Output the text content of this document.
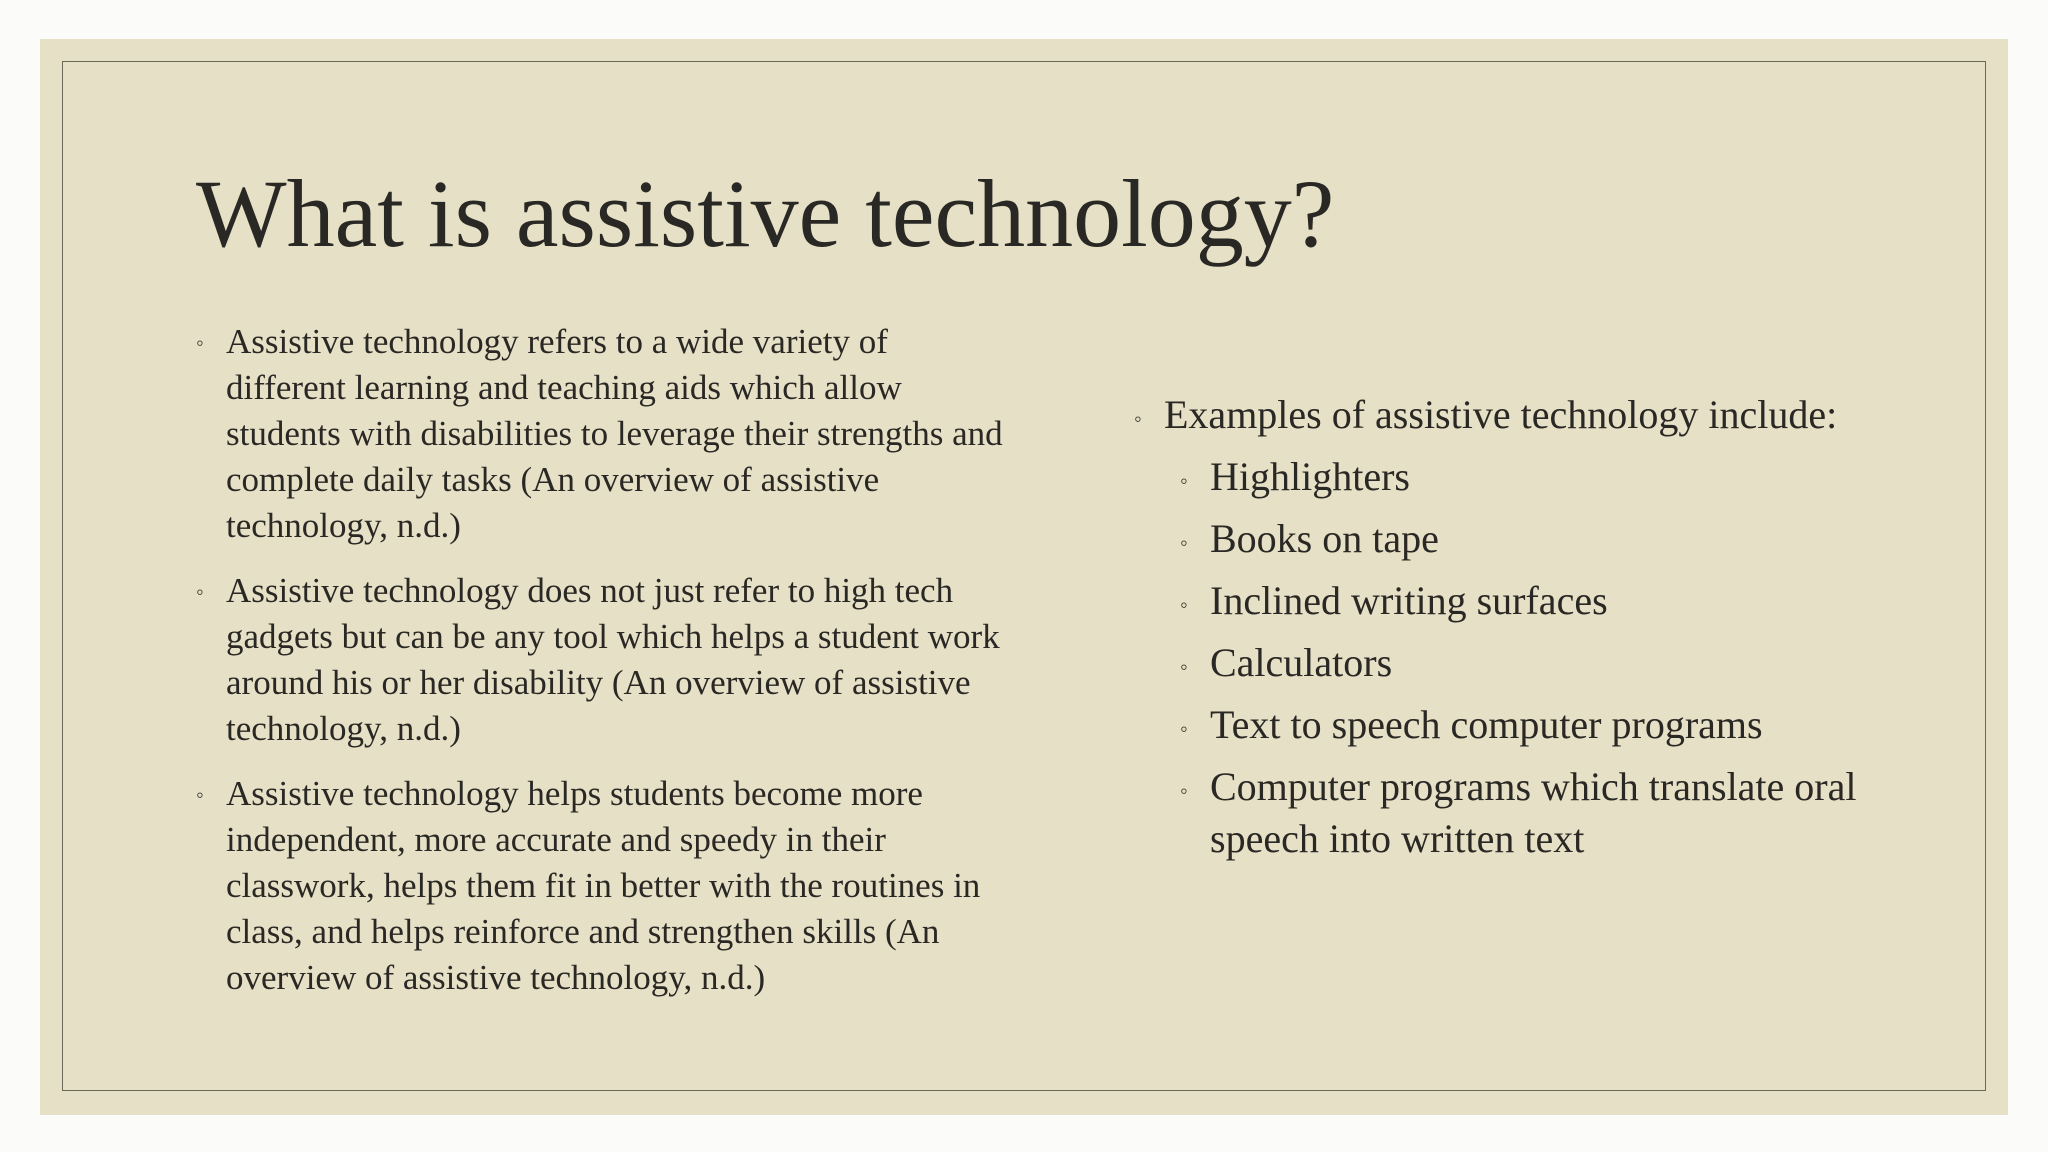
What is assistive technology?
◦ Assistive technology refers to a wide variety of different learning and teaching aids which allow students with disabilities to leverage their strengths and complete daily tasks (An overview of assistive technology, n.d.)
◦ Assistive technology does not just refer to high tech gadgets but can be any tool which helps a student work around his or her disability (An overview of assistive technology, n.d.)
◦ Assistive technology helps students become more independent, more accurate and speedy in their classwork, helps them fit in better with the routines in class, and helps reinforce and strengthen skills (An overview of assistive technology, n.d.)
◦ Examples of assistive technology include:
◦ Highlighters
◦ Books on tape
◦ Inclined writing surfaces
◦ Calculators
◦ Text to speech computer programs
◦ Computer programs which translate oral speech into written text
